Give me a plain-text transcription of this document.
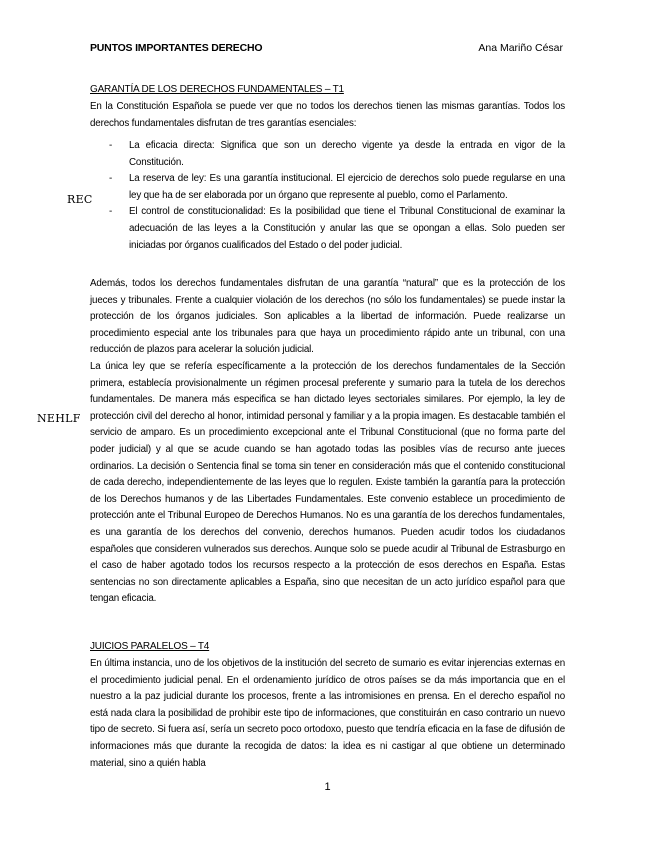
PUNTOS IMPORTANTES DERECHO	Ana Mariño César
GARANTÍA DE LOS DERECHOS FUNDAMENTALES – T1
En la Constitución Española se puede ver que no todos los derechos tienen las mismas garantías. Todos los derechos fundamentales disfrutan de tres garantías esenciales:
- La eficacia directa: Significa que son un derecho vigente ya desde la entrada en vigor de la Constitución.
- La reserva de ley: Es una garantía institucional. El ejercicio de derechos solo puede regularse en una ley que ha de ser elaborada por un órgano que represente al pueblo, como el Parlamento.
- El control de constitucionalidad: Es la posibilidad que tiene el Tribunal Constitucional de examinar la adecuación de las leyes a la Constitución y anular las que se opongan a ellas. Solo pueden ser iniciadas por órganos cualificados del Estado o del poder judicial.
REC
Además, todos los derechos fundamentales disfrutan de una garantía “natural” que es la protección de los jueces y tribunales. Frente a cualquier violación de los derechos (no sólo los fundamentales) se puede instar la protección de los órganos judiciales. Son aplicables a la libertad de información. Puede realizarse un procedimiento especial ante los tribunales para que haya un procedimiento rápido ante un tribunal, con una reducción de plazos para acelerar la solución judicial.
La única ley que se refería específicamente a la protección de los derechos fundamentales de la Sección primera, establecía provisionalmente un régimen procesal preferente y sumario para la tutela de los derechos fundamentales. De manera más especifica se han dictado leyes sectoriales similares. Por ejemplo, la ley de protección civil del derecho al honor, intimidad personal y familiar y a la propia imagen. Es destacable también el servicio de amparo. Es un procedimiento excepcional ante el Tribunal Constitucional (que no forma parte del poder judicial) y al que se acude cuando se han agotado todas las posibles vías de recurso ante jueces ordinarios. La decisión o Sentencia final se toma sin tener en consideración más que el contenido constitucional de cada derecho, independientemente de las leyes que lo regulen. Existe también la garantía para la protección de los Derechos humanos y de las Libertades Fundamentales. Este convenio establece un procedimiento de protección ante el Tribunal Europeo de Derechos Humanos. No es una garantía de los derechos fundamentales, es una garantía de los derechos del convenio, derechos humanos. Pueden acudir todos los ciudadanos españoles que consideren vulnerados sus derechos. Aunque solo se puede acudir al Tribunal de Estrasburgo en el caso de haber agotado todos los recursos respecto a la protección de esos derechos en España. Estas sentencias no son directamente aplicables a España, sino que necesitan de un acto jurídico español para que tengan eficacia.
NEHLF
JUICIOS PARALELOS – T4
En última instancia, uno de los objetivos de la institución del secreto de sumario es evitar injerencias externas en el procedimiento judicial penal. En el ordenamiento jurídico de otros países se da más importancia que en el nuestro a la paz judicial durante los procesos, frente a las intromisiones en prensa. En el derecho español no está nada clara la posibilidad de prohibir este tipo de informaciones, que constituirán en caso contrario un nuevo tipo de secreto. Si fuera así, sería un secreto poco ortodoxo, puesto que tendría eficacia en la fase de difusión de informaciones más que durante la recogida de datos: la idea es ni castigar al que obtiene un determinado material, sino a quién habla
1
